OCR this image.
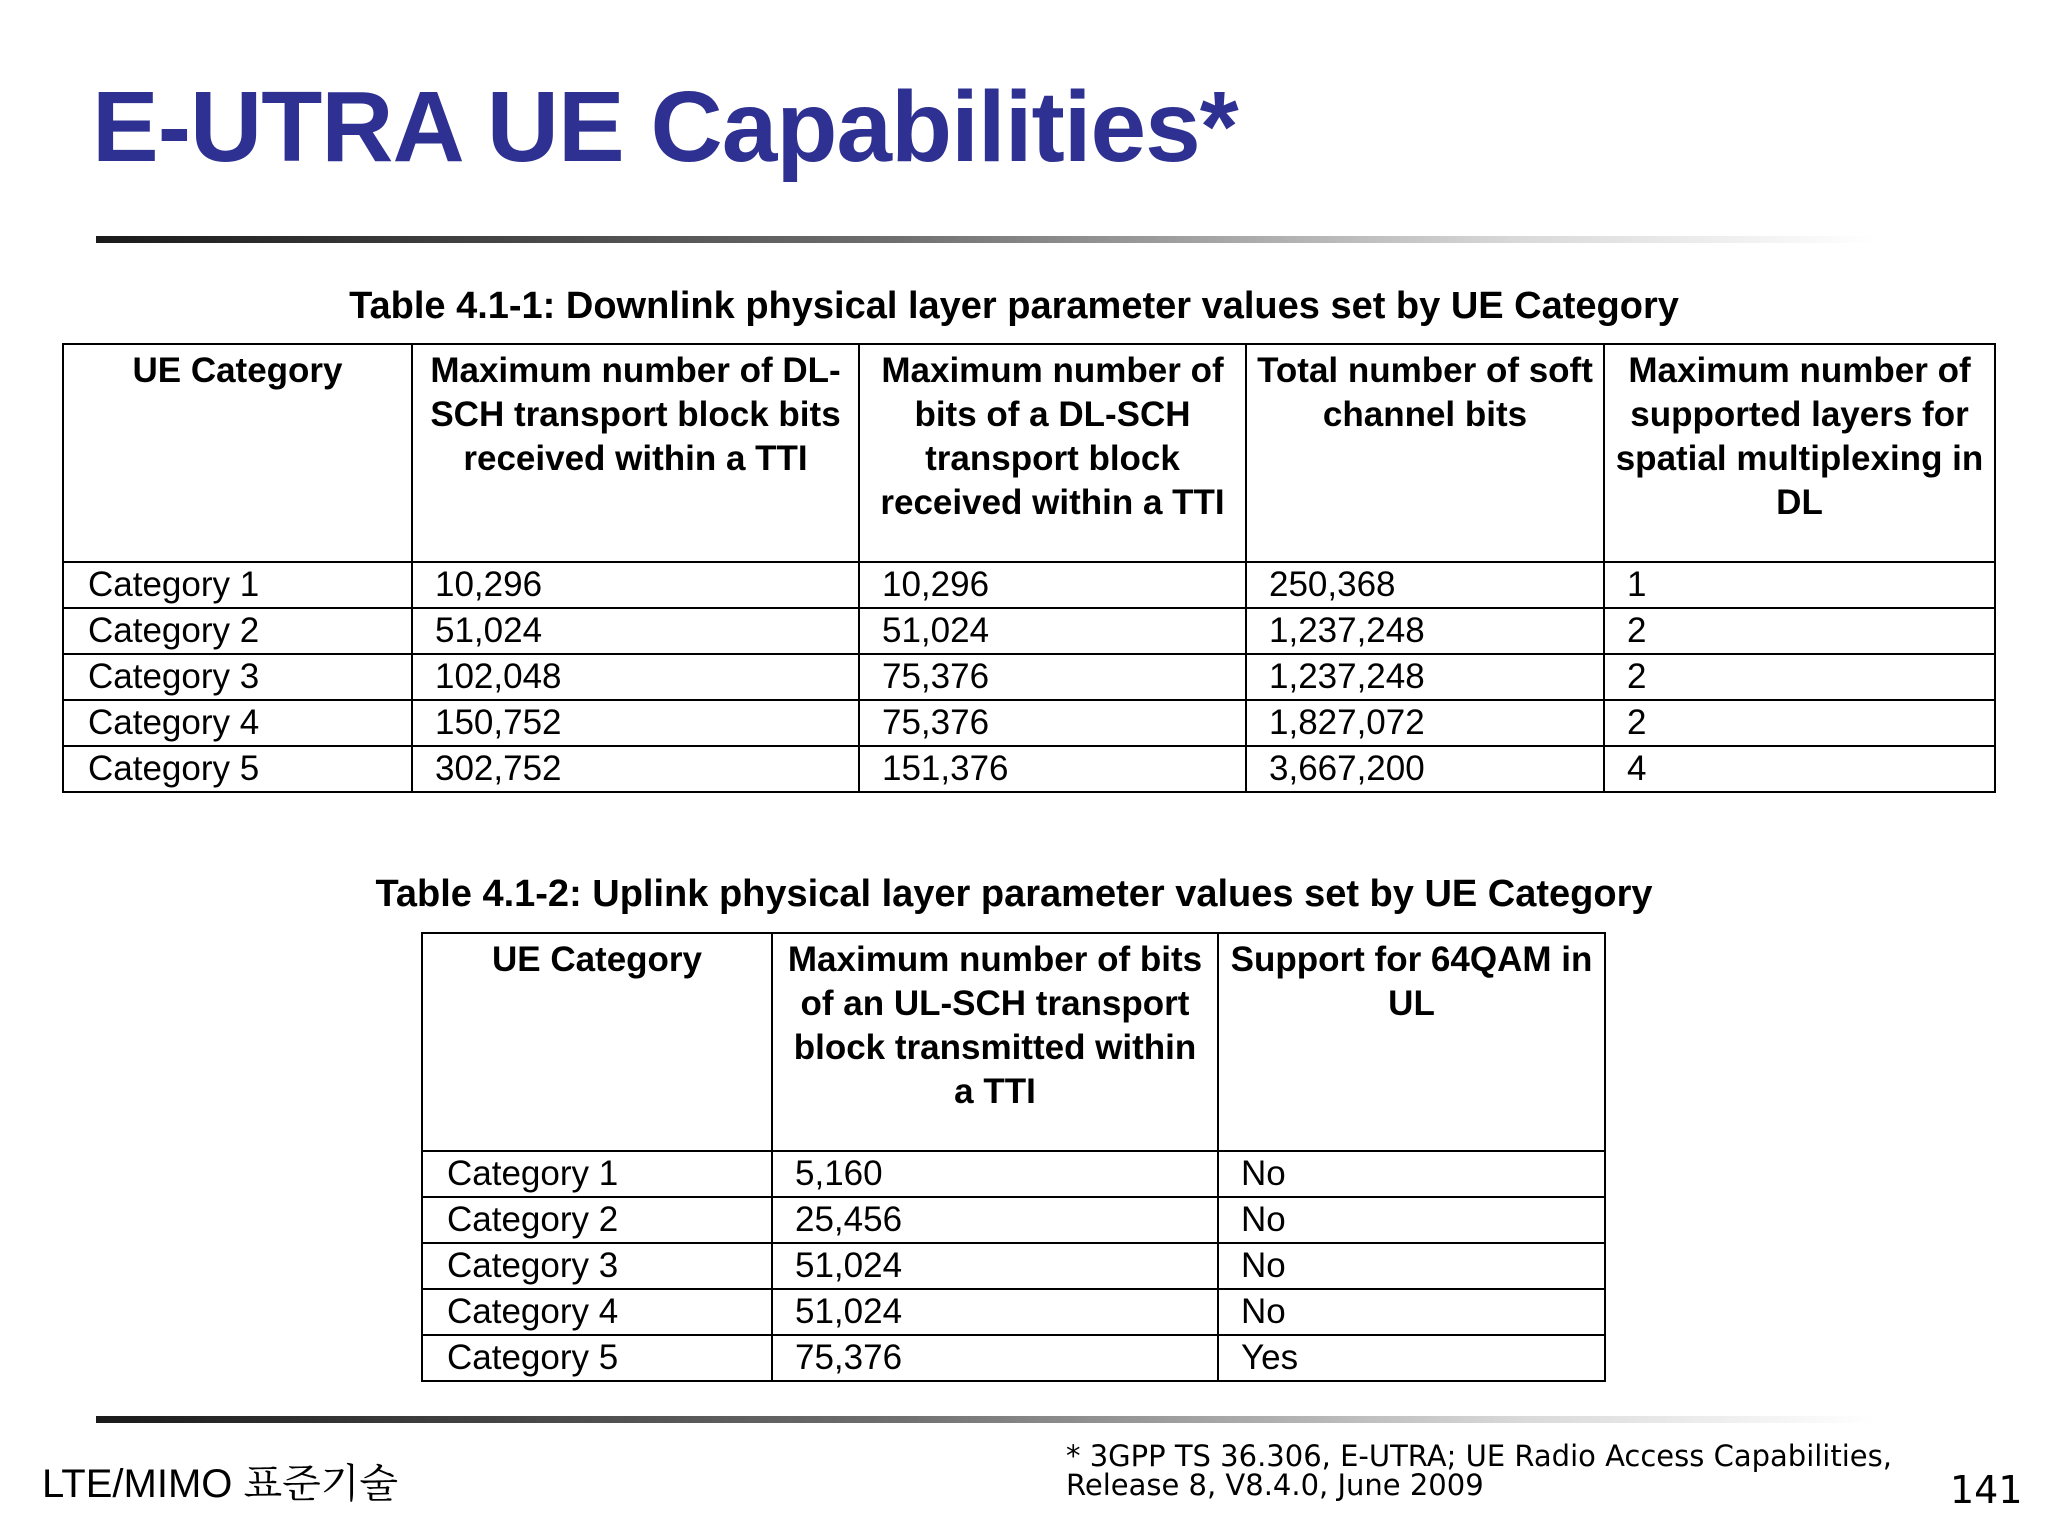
E-UTRA UE Capabilities*

Table 4.1-1: Downlink physical layer parameter values set by UE Category

UE Category	Maximum number of DL-SCH transport block bits received within a TTI	Maximum number of bits of a DL-SCH transport block received within a TTI	Total number of soft channel bits	Maximum number of supported layers for spatial multiplexing in DL
Category 1	10,296	10,296	250,368	1
Category 2	51,024	51,024	1,237,248	2
Category 3	102,048	75,376	1,237,248	2
Category 4	150,752	75,376	1,827,072	2
Category 5	302,752	151,376	3,667,200	4

Table 4.1-2: Uplink physical layer parameter values set by UE Category

UE Category	Maximum number of bits of an UL-SCH transport block transmitted within a TTI	Support for 64QAM in UL
Category 1	5,160	No
Category 2	25,456	No
Category 3	51,024	No
Category 4	51,024	No
Category 5	75,376	Yes
LTE/MIMO 표준기술
* 3GPP TS 36.306, E-UTRA; UE Radio Access Capabilities,
Release 8, V8.4.0, June 2009	141
